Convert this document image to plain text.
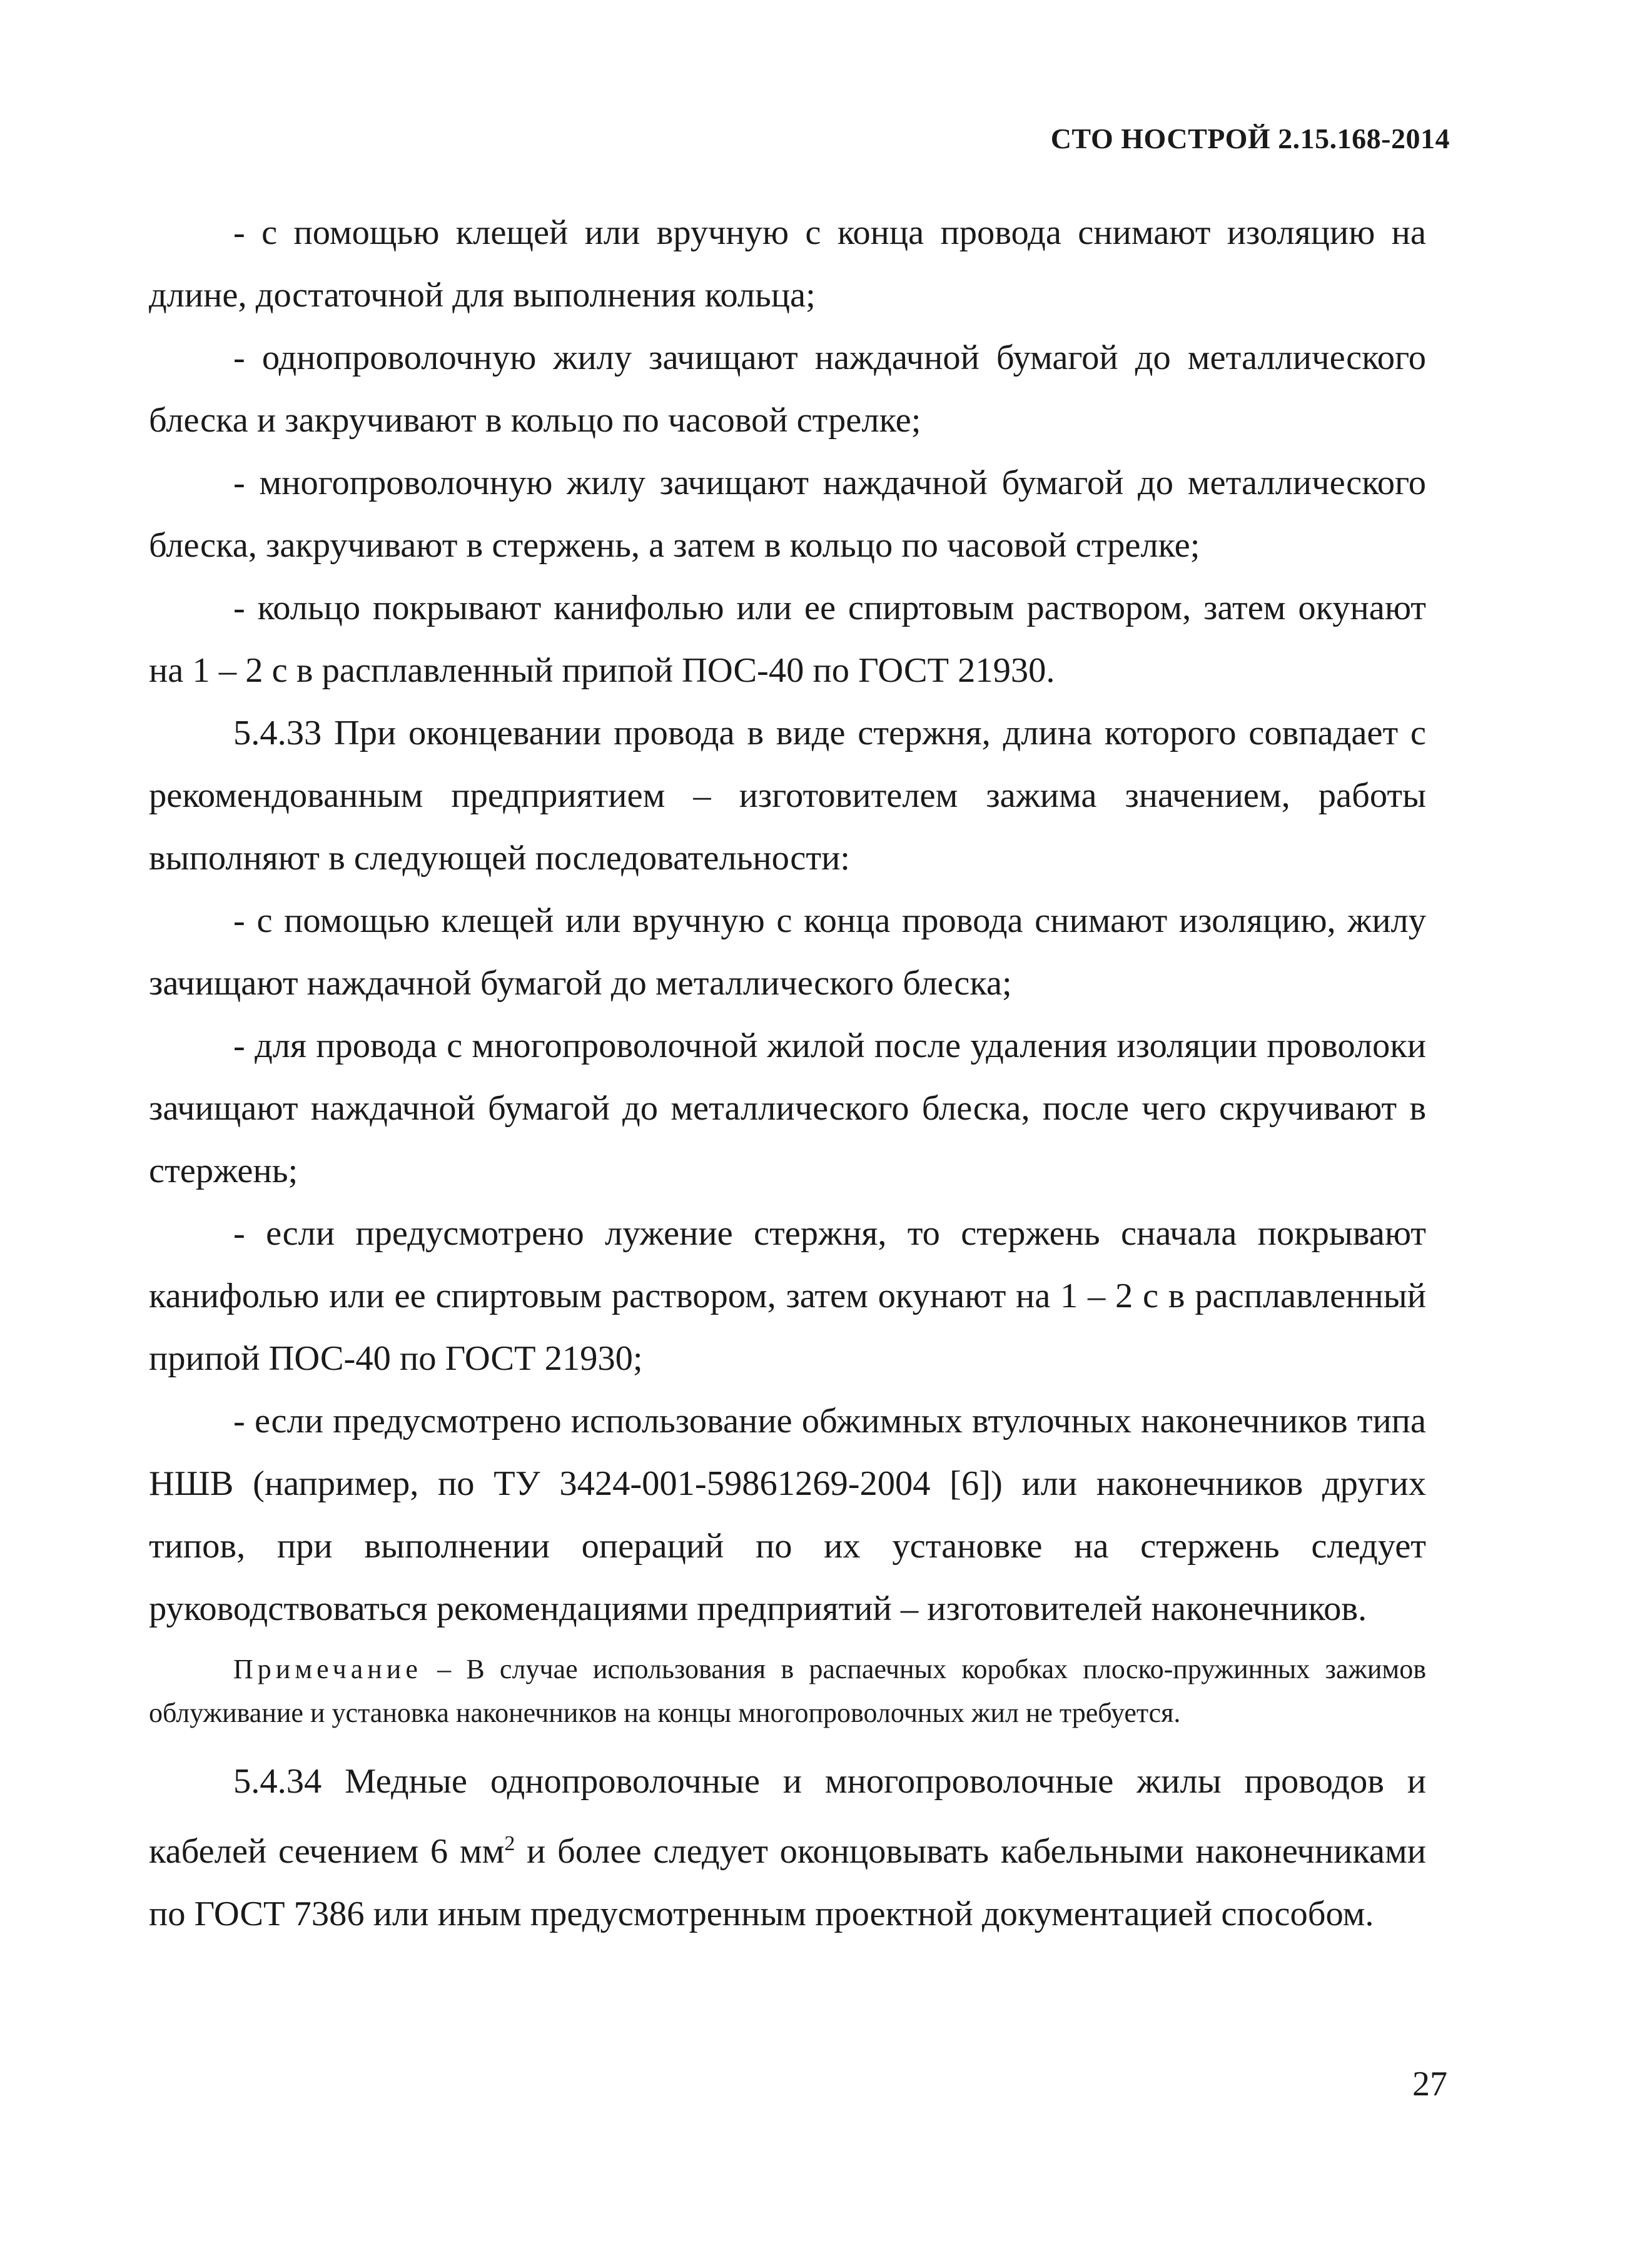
СТО НОСТРОЙ 2.15.168-2014

- с помощью клещей или вручную с конца провода снимают изоляцию на длине, достаточной для выполнения кольца;

- однопроволочную жилу зачищают наждачной бумагой до металлического блеска и закручивают в кольцо по часовой стрелке;

- многопроволочную жилу зачищают наждачной бумагой до металлического блеска, закручивают в стержень, а затем в кольцо по часовой стрелке;

- кольцо покрывают канифолью или ее спиртовым раствором, затем окунают на 1 – 2 с в расплавленный припой ПОС-40 по ГОСТ 21930.

5.4.33 При оконцевании провода в виде стержня, длина которого совпадает с рекомендованным предприятием – изготовителем зажима значением, работы выполняют в следующей последовательности:

- с помощью клещей или вручную с конца провода снимают изоляцию, жилу зачищают наждачной бумагой до металлического блеска;

- для провода с многопроволочной жилой после удаления изоляции проволоки зачищают наждачной бумагой до металлического блеска, после чего скручивают в стержень;

- если предусмотрено лужение стержня, то стержень сначала покрывают канифолью или ее спиртовым раствором, затем окунают на 1 – 2 с в расплавленный припой ПОС-40 по ГОСТ 21930;

- если предусмотрено использование обжимных втулочных наконечников типа НШВ (например, по ТУ 3424-001-59861269-2004 [6]) или наконечников других типов, при выполнении операций по их установке на стержень следует руководствоваться рекомендациями предприятий – изготовителей наконечников.

Примечание – В случае использования в распаечных коробках плоско-пружинных зажимов облуживание и установка наконечников на концы многопроволочных жил не требуется.

5.4.34 Медные однопроволочные и многопроволочные жилы проводов и кабелей сечением 6 $мм^2$ и более следует оконцовывать кабельными наконечниками по ГОСТ 7386 или иным предусмотренным проектной документацией способом.

27
